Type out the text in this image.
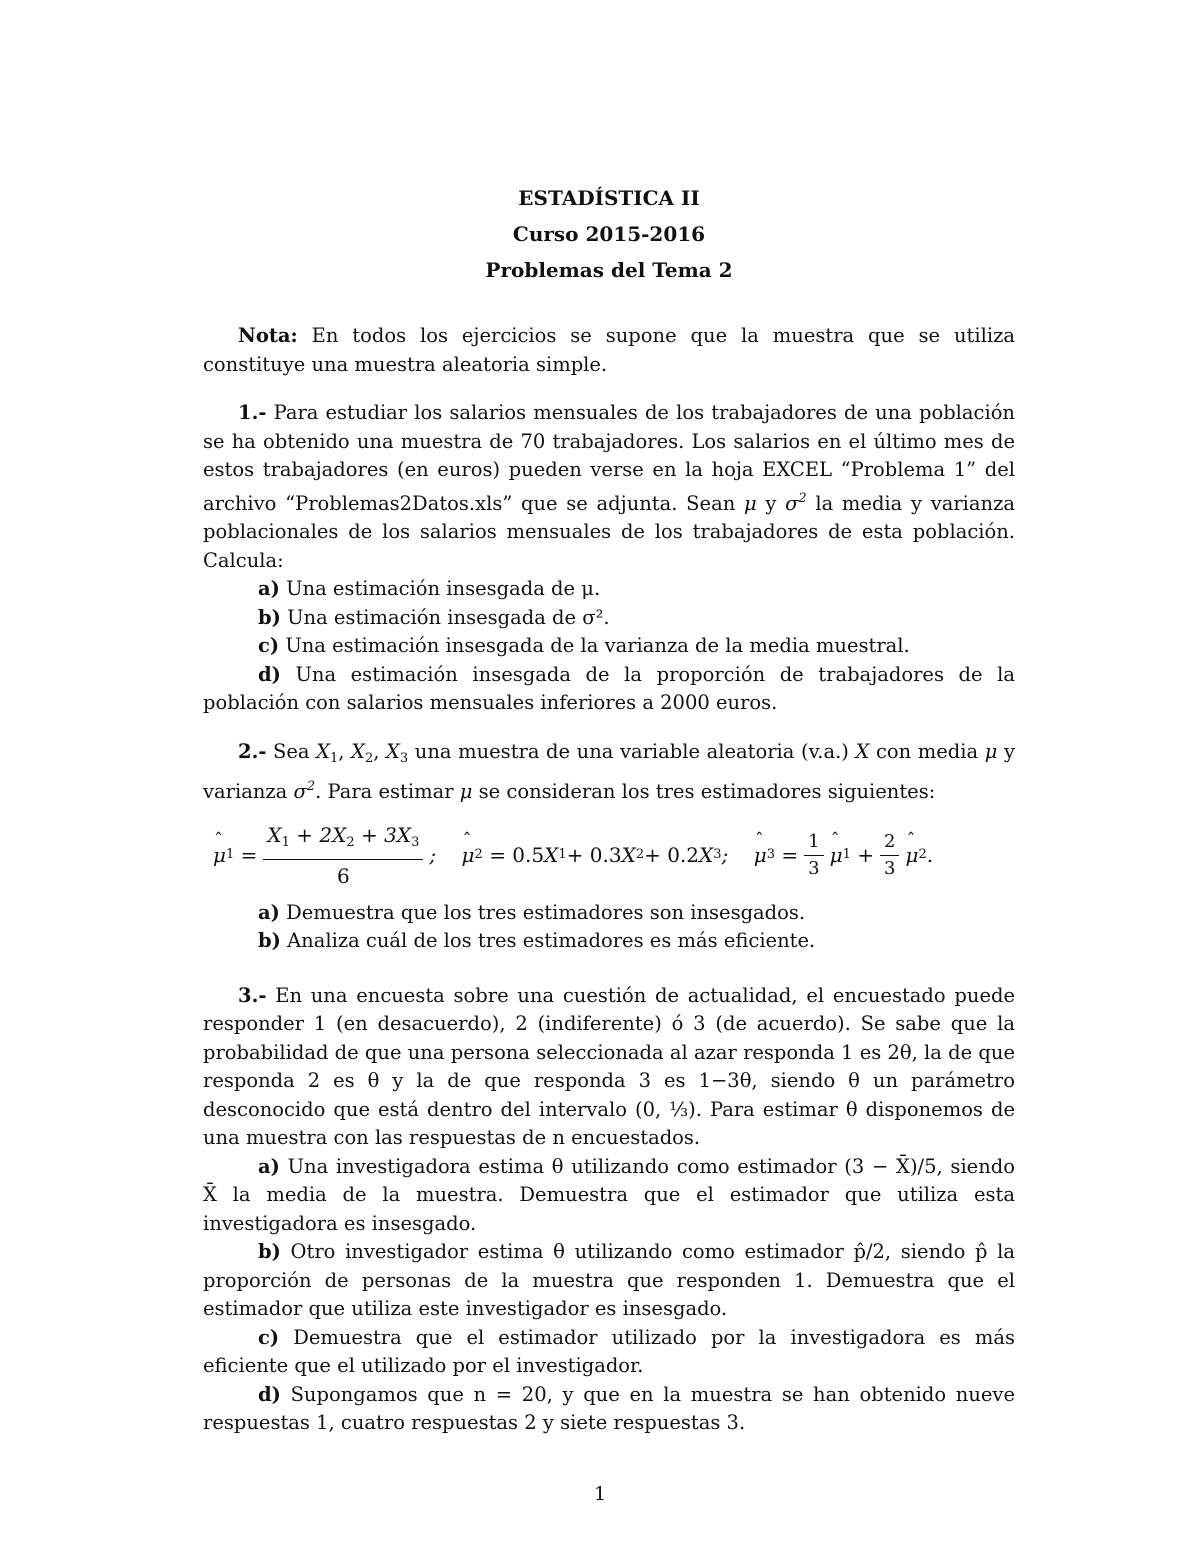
ESTADÍSTICA II
Curso 2015-2016
Problemas del Tema 2
Nota: En todos los ejercicios se supone que la muestra que se utiliza constituye una muestra aleatoria simple.
1.- Para estudiar los salarios mensuales de los trabajadores de una población se ha obtenido una muestra de 70 trabajadores. Los salarios en el último mes de estos trabajadores (en euros) pueden verse en la hoja EXCEL “Problema 1” del archivo “Problemas2Datos.xls” que se adjunta. Sean μ y $\sigma^2$ la media y varianza poblacionales de los salarios mensuales de los trabajadores de esta población. Calcula:
a) Una estimación insesgada de μ.
b) Una estimación insesgada de σ².
c) Una estimación insesgada de la varianza de la media muestral.
d) Una estimación insesgada de la proporción de trabajadores de la población con salarios mensuales inferiores a 2000 euros.
2.- Sea $X_1$, $X_2$, $X_3$ una muestra de una variable aleatoria (v.a.) X con media μ y varianza $\sigma^2$. Para estimar μ se consideran los tres estimadores siguientes:
ˆ μ $1 = \frac{X_1 + 2X_2 + 3X_3}{6}$ ; ˆ μ 2
= 0.5 X 1 + 0.3 X 2 + 0.2 X 3 ; ˆ μ $3 = \frac{1}{3}$ ˆ μ $1 + \frac{2}{3}$ ˆ μ 2 .
a) Demuestra que los tres estimadores son insesgados.
b) Analiza cuál de los tres estimadores es más eficiente.
3.- En una encuesta sobre una cuestión de actualidad, el encuestado puede responder 1 (en desacuerdo), 2 (indiferente) ó 3 (de acuerdo). Se sabe que la probabilidad de que una persona seleccionada al azar responda 1 es 2θ, la de que responda 2 es θ y la de que responda 3 es 1−3θ, siendo θ un parámetro desconocido que está dentro del intervalo (0, ⅓). Para estimar θ disponemos de una muestra con las respuestas de n encuestados.
a) Una investigadora estima θ utilizando como estimador (3 − X̄)/5, siendo X̄ la media de la muestra. Demuestra que el estimador que utiliza esta investigadora es insesgado.
b) Otro investigador estima θ utilizando como estimador p̂/2, siendo p̂ la proporción de personas de la muestra que responden 1. Demuestra que el estimador que utiliza este investigador es insesgado.
c) Demuestra que el estimador utilizado por la investigadora es más eficiente que el utilizado por el investigador.
d) Supongamos que n = 20, y que en la muestra se han obtenido nueve respuestas 1, cuatro respuestas 2 y siete respuestas 3.
1
